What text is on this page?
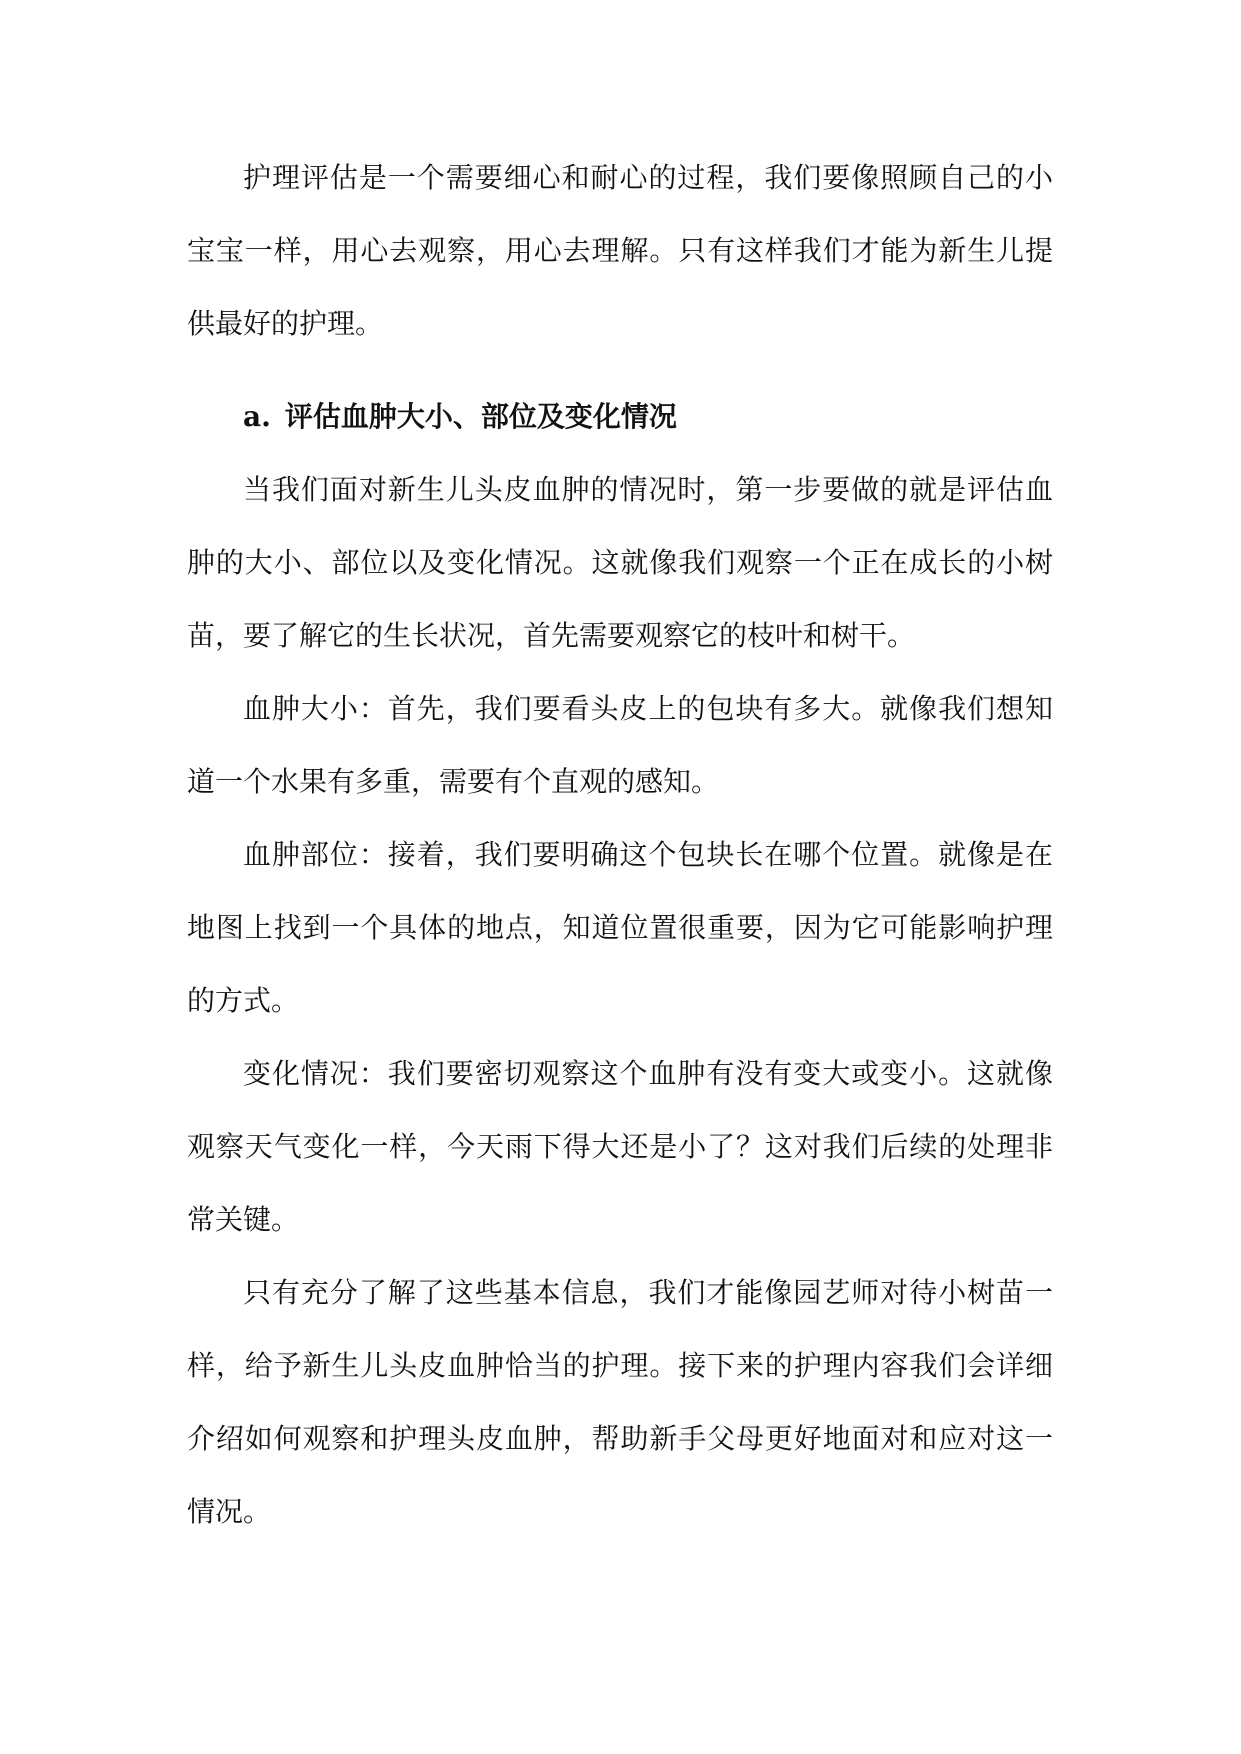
护理评估是一个需要细心和耐心的过程，我们要像照顾自己的小宝宝一样，用心去观察，用心去理解。只有这样我们才能为新生儿提供最好的护理。

a. 评估血肿大小、部位及变化情况

当我们面对新生儿头皮血肿的情况时，第一步要做的就是评估血肿的大小、部位以及变化情况。这就像我们观察一个正在成长的小树苗，要了解它的生长状况，首先需要观察它的枝叶和树干。

血肿大小：首先，我们要看头皮上的包块有多大。就像我们想知道一个水果有多重，需要有个直观的感知。

血肿部位：接着，我们要明确这个包块长在哪个位置。就像是在地图上找到一个具体的地点，知道位置很重要，因为它可能影响护理的方式。

变化情况：我们要密切观察这个血肿有没有变大或变小。这就像观察天气变化一样，今天雨下得大还是小了？这对我们后续的处理非常关键。

只有充分了解了这些基本信息，我们才能像园艺师对待小树苗一样，给予新生儿头皮血肿恰当的护理。接下来的护理内容我们会详细介绍如何观察和护理头皮血肿，帮助新手父母更好地面对和应对这一情况。
